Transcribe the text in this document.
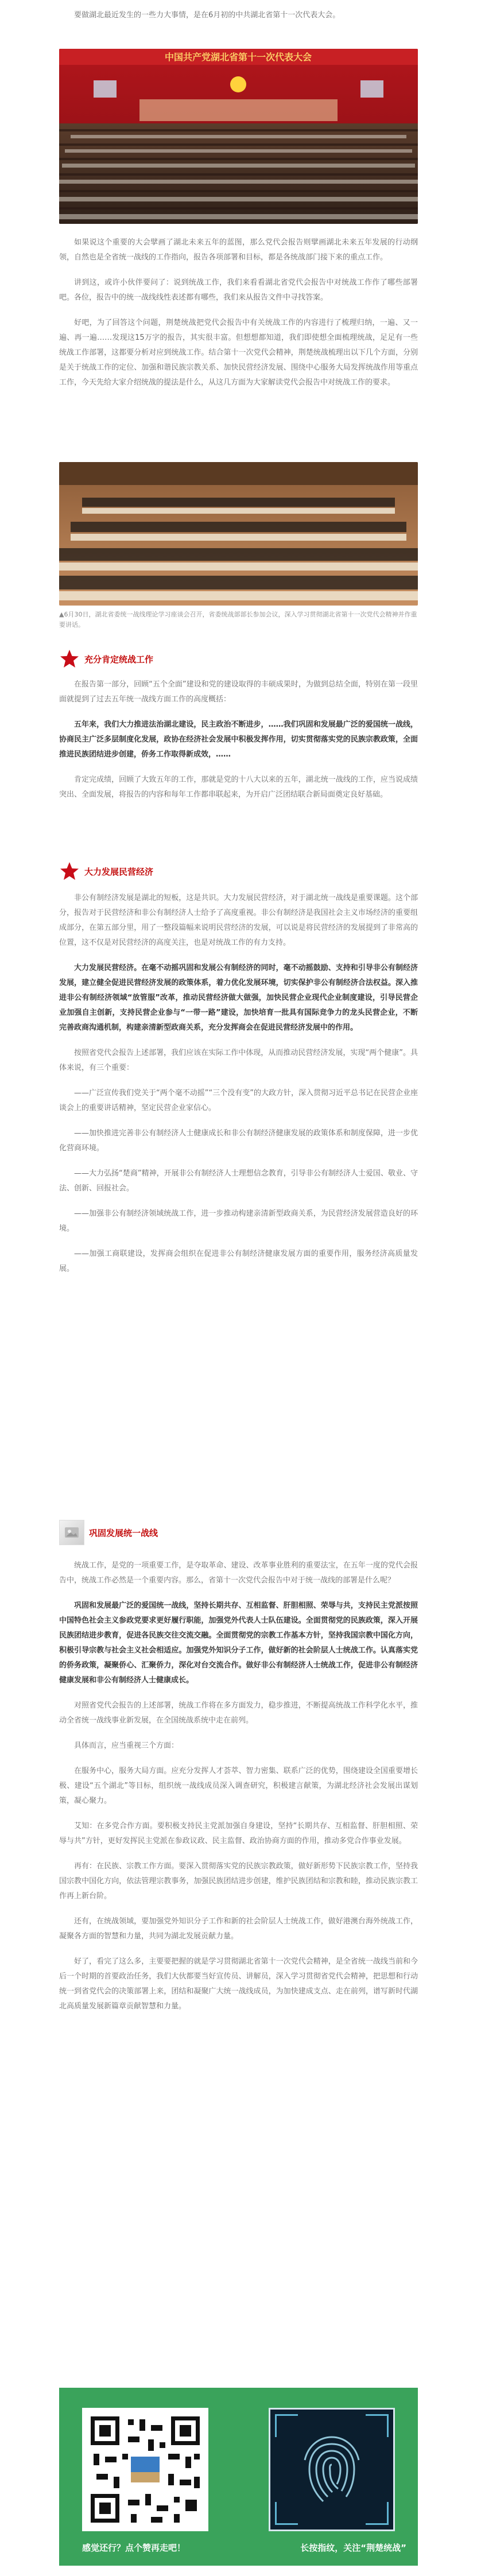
要做湖北最近发生的一些力大事情，是在6月初的中共湖北省第十一次代表大会。

中国共产党湖北省第十一次代表大会

如果说这个重要的大会擘画了湖北未来五年的蓝图，那么党代会报告则擘画湖北未来五年发展的行动纲领，自然也是全省统一战线的工作指向，报告各项部署和目标，都是各统战部门接下来的重点工作。

讲到这，或许小伙伴要问了：说到统战工作，我们来看看湖北省党代会报告中对统战工作作了哪些部署吧。各位，报告中的统一战线线性表述都有哪些，我们来从报告文件中寻找答案。

好吧，为了回答这个问题，荆楚统战把党代会报告中有关统战工作的内容进行了梳理归纳，一遍、又一遍、再一遍……发现这15万字的报告，其实很丰富。但想想都知道，我们即使想全面梳理统战，足足有一些统战工作部署，这都要分析对应到统战工作。结合第十一次党代会精神，荆楚统战梳理出以下几个方面，分别是关于统战工作的定位、加强和谐民族宗教关系、加快民营经济发展、围绕中心服务大局发挥统战作用等重点工作，今天先给大家介绍统战的提法是什么，从这几方面为大家解读党代会报告中对统战工作的要求。

▲6月30日，湖北省委统一战线理论学习座谈会召开，省委统战部部长参加会议，深入学习贯彻湖北省第十一次党代会精神并作重要讲话。

充分肯定统战工作

在报告第一部分，回顾“五个全面”建设和党的建设取得的丰硕成果时，为做到总结全面，特别在第一段里面就提到了过去五年统一战线方面工作的高度概括：

五年来，我们大力推进法治湖北建设，民主政治不断进步，……我们巩固和发展最广泛的爱国统一战线，协商民主广泛多层制度化发展，政协在经济社会发展中积极发挥作用，切实贯彻落实党的民族宗教政策，全面推进民族团结进步创建，侨务工作取得新成效，……

肯定完成绩，回顾了大致五年的工作，那就是党的十八大以来的五年，湖北统一战线的工作，应当说成绩突出、全面发展，将报告的内容和每年工作都串联起来，为开启广泛团结联合新局面奠定良好基础。

大力发展民营经济

非公有制经济发展是湖北的短板，这是共识。大力发展民营经济，对于湖北统一战线是重要课题。这个部分，报告对于民营经济和非公有制经济人士给予了高度重视。非公有制经济是我国社会主义市场经济的重要组成部分，在第五部分里，用了一整段篇幅来说明民营经济的发展，可以说是将民营经济的发展提到了非常高的位置，这不仅是对民营经济的高度关注，也是对统战工作的有力支持。

大力发展民营经济。在毫不动摇巩固和发展公有制经济的同时，毫不动摇鼓励、支持和引导非公有制经济发展，建立健全促进民营经济发展的政策体系，着力优化发展环境，切实保护非公有制经济合法权益。深入推进非公有制经济领域“放管服”改革，推动民营经济做大做强，加快民营企业现代企业制度建设，引导民营企业加强自主创新，支持民营企业参与“一带一路”建设，加快培育一批具有国际竞争力的龙头民营企业，不断完善政商沟通机制，构建亲清新型政商关系，充分发挥商会在促进民营经济发展中的作用。

按照省党代会报告上述部署，我们应该在实际工作中体现，从而推动民营经济发展，实现“两个健康”。具体来说，有三个重要：

——广泛宣传我们党关于“两个毫不动摇”“三个没有变”的大政方针，深入贯彻习近平总书记在民营企业座谈会上的重要讲话精神，坚定民营企业家信心。

——加快推进完善非公有制经济人士健康成长和非公有制经济健康发展的政策体系和制度保障，进一步优化营商环境。

——大力弘扬“楚商”精神，开展非公有制经济人士理想信念教育，引导非公有制经济人士爱国、敬业、守法、创新、回报社会。

——加强非公有制经济领域统战工作，进一步推动构建亲清新型政商关系，为民营经济发展营造良好的环境。

——加强工商联建设，发挥商会组织在促进非公有制经济健康发展方面的重要作用，服务经济高质量发展。

巩固发展统一战线

统战工作，是党的一项重要工作，是夺取革命、建设、改革事业胜利的重要法宝，在五年一度的党代会报告中，统战工作必然是一个重要内容。那么，省第十一次党代会报告中对于统一战线的部署是什么呢？

巩固和发展最广泛的爱国统一战线，坚持长期共存、互相监督、肝胆相照、荣辱与共，支持民主党派按照中国特色社会主义参政党要求更好履行职能，加强党外代表人士队伍建设。全面贯彻党的民族政策，深入开展民族团结进步教育，促进各民族交往交流交融。全面贯彻党的宗教工作基本方针，坚持我国宗教中国化方向，积极引导宗教与社会主义社会相适应。加强党外知识分子工作，做好新的社会阶层人士统战工作。认真落实党的侨务政策，凝聚侨心、汇聚侨力，深化对台交流合作。做好非公有制经济人士统战工作，促进非公有制经济健康发展和非公有制经济人士健康成长。

对照省党代会报告的上述部署，统战工作将在多方面发力，稳步推进，不断提高统战工作科学化水平，推动全省统一战线事业新发展，在全国统战系统中走在前列。

具体而言，应当重视三个方面：

在服务中心，服务大局方面。应充分发挥人才荟萃、智力密集、联系广泛的优势，围绕建设全国重要增长极、建设“五个湖北”等目标，组织统一战线成员深入调查研究，积极建言献策，为湖北经济社会发展出谋划策，凝心聚力。

艾知：在多党合作方面。要积极支持民主党派加强自身建设，坚持“长期共存、互相监督、肝胆相照、荣辱与共”方针，更好发挥民主党派在参政议政、民主监督、政治协商方面的作用，推动多党合作事业发展。

再有：在民族、宗教工作方面。要深入贯彻落实党的民族宗教政策，做好新形势下民族宗教工作，坚持我国宗教中国化方向，依法管理宗教事务，加强民族团结进步创建，维护民族团结和宗教和睦，推动民族宗教工作再上新台阶。

还有，在统战领域，要加强党外知识分子工作和新的社会阶层人士统战工作，做好港澳台海外统战工作，凝聚各方面的智慧和力量，共同为湖北发展贡献力量。

好了，看完了这么多，主要要把握的就是学习贯彻湖北省第十一次党代会精神，是全省统一战线当前和今后一个时期的首要政治任务，我们大伙都要当好宣传员、讲解员，深入学习贯彻省党代会精神，把思想和行动统一到省党代会的决策部署上来，团结和凝聚广大统一战线成员，为加快建成支点、走在前列，谱写新时代湖北高质量发展新篇章贡献智慧和力量。

感觉还行？点个赞再走吧！	长按指纹，关注“荆楚统战”
